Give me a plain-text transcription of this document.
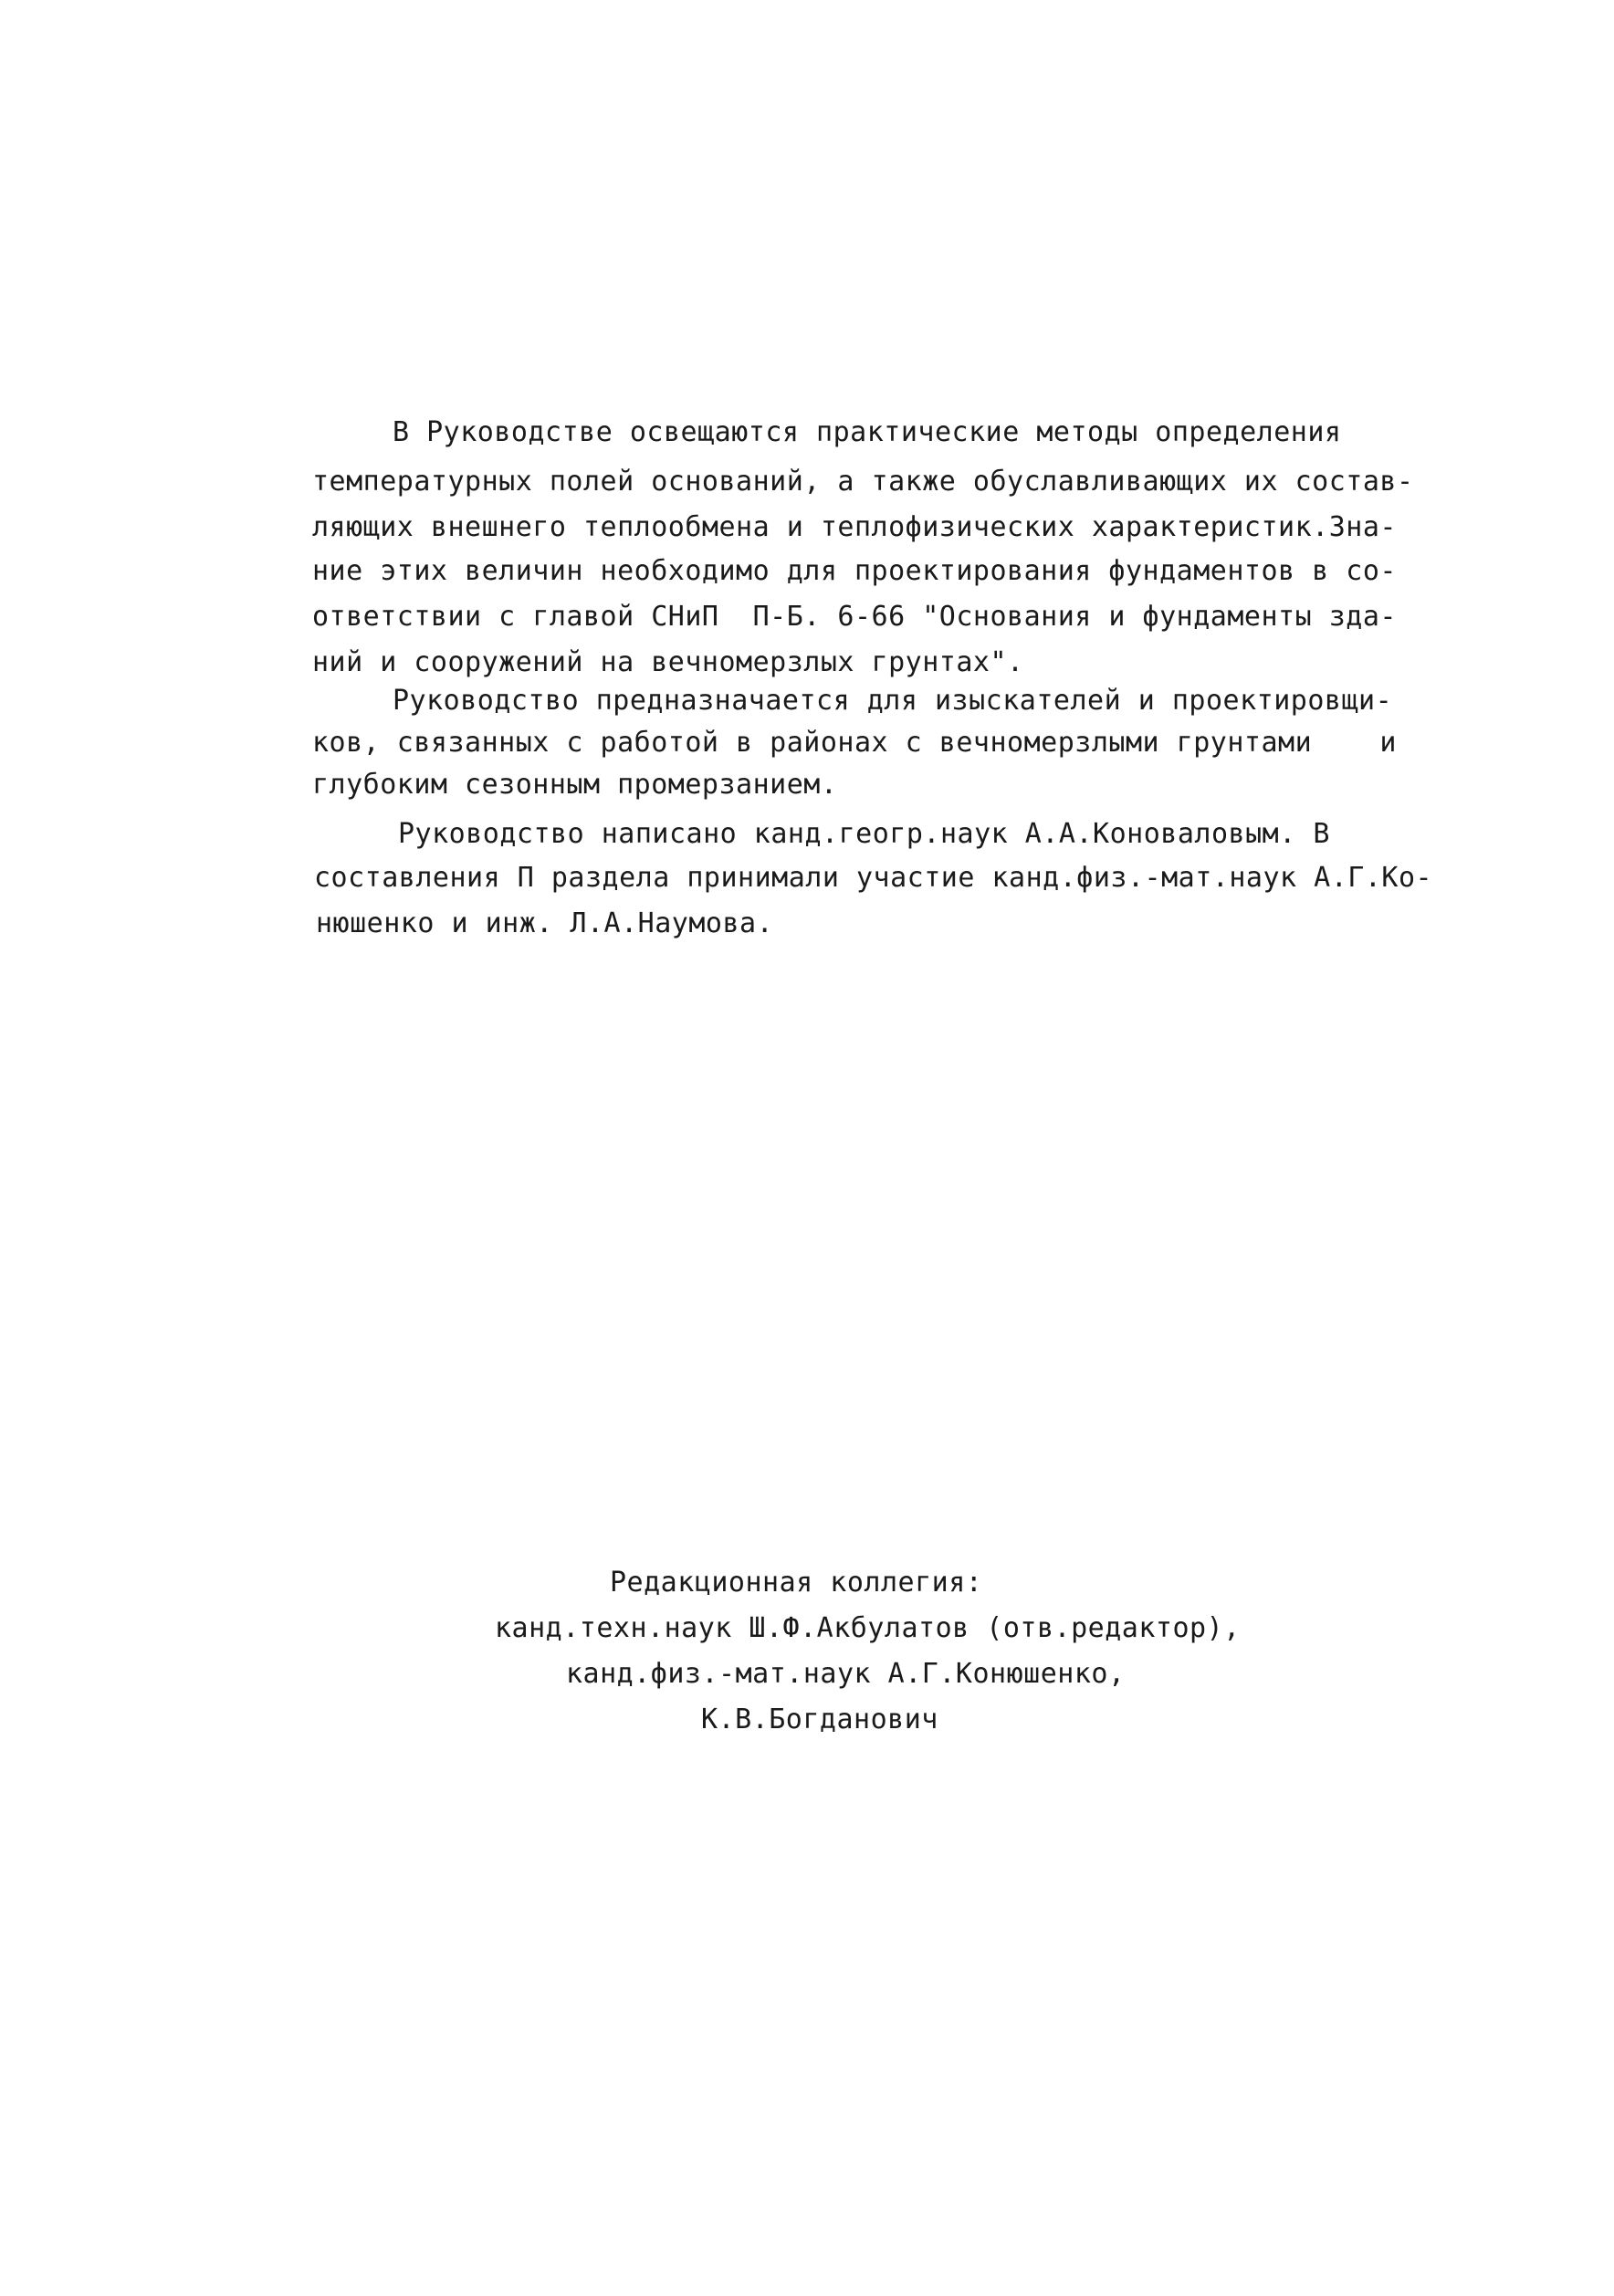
В Руководстве освещаются практические методы определения
температурных полей оснований, а также обуславливающих их состав-
ляющих внешнего теплообмена и теплофизических характеристик.Зна-
ние этих величин необходимо для проектирования фундаментов в со-
ответствии с главой СНиП  П-Б. 6-66 "Основания и фундаменты зда-
ний и сооружений на вечномерзлых грунтах".
Руководство предназначается для изыскателей и проектировщи-
ков, связанных с работой в районах с вечномерзлыми грунтами    и
глубоким сезонным промерзанием.
Руководство написано канд.геогр.наук А.А.Коноваловым. В
составления П раздела принимали участие канд.физ.-мат.наук А.Г.Ко-
нюшенко и инж. Л.А.Наумова.
Редакционная коллегия:
канд.техн.наук Ш.Ф.Акбулатов (отв.редактор),
канд.физ.-мат.наук А.Г.Конюшенко,
К.В.Богданович
